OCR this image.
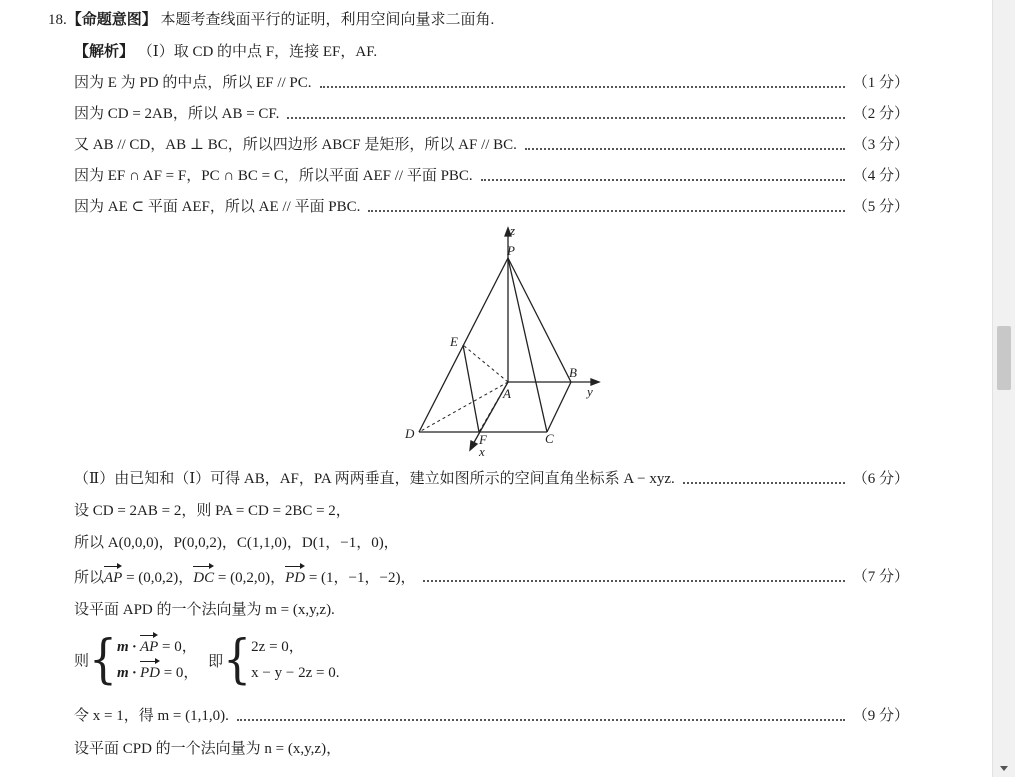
18.【命题意图】 本题考查线面平行的证明，利用空间向量求二面角.
【解析】 （Ⅰ）取 CD 的中点 F，连接 EF，AF.
因为 E 为 PD 的中点，所以 EF // PC.	（1 分）
因为 CD = 2AB，所以 AB = CF.	（2 分）
又 AB // CD，AB ⊥ BC，所以四边形 ABCF 是矩形，所以 AF // BC.	（3 分）
因为 EF ∩ AF = F，PC ∩ BC = C，所以平面 AEF // 平面 PBC.	（4 分）
因为 AE ⊂ 平面 AEF，所以 AE // 平面 PBC.	（5 分）
z
P
E
A
B
y
D	F
x
C
（Ⅱ）由已知和（Ⅰ）可得 AB，AF，PA 两两垂直，建立如图所示的空间直角坐标系 A − xyz.	（6 分）
设 CD = 2AB = 2，则 PA = CD = 2BC = 2，
所以 A(0,0,0)，P(0,0,2)，C(1,1,0)，D(1，−1，0)，
所以AP = (0,0,2)，DC = (0,2,0)，PD = (1，−1，−2)，	（7 分）
设平面 APD 的一个法向量为 m = (x,y,z).
则{ m · AP = 0，
m · PD = 0，
即{ 2z = 0，
x − y − 2z = 0.
令 x = 1，得 m = (1,1,0).	（9 分）
设平面 CPD 的一个法向量为 n = (x,y,z)，
